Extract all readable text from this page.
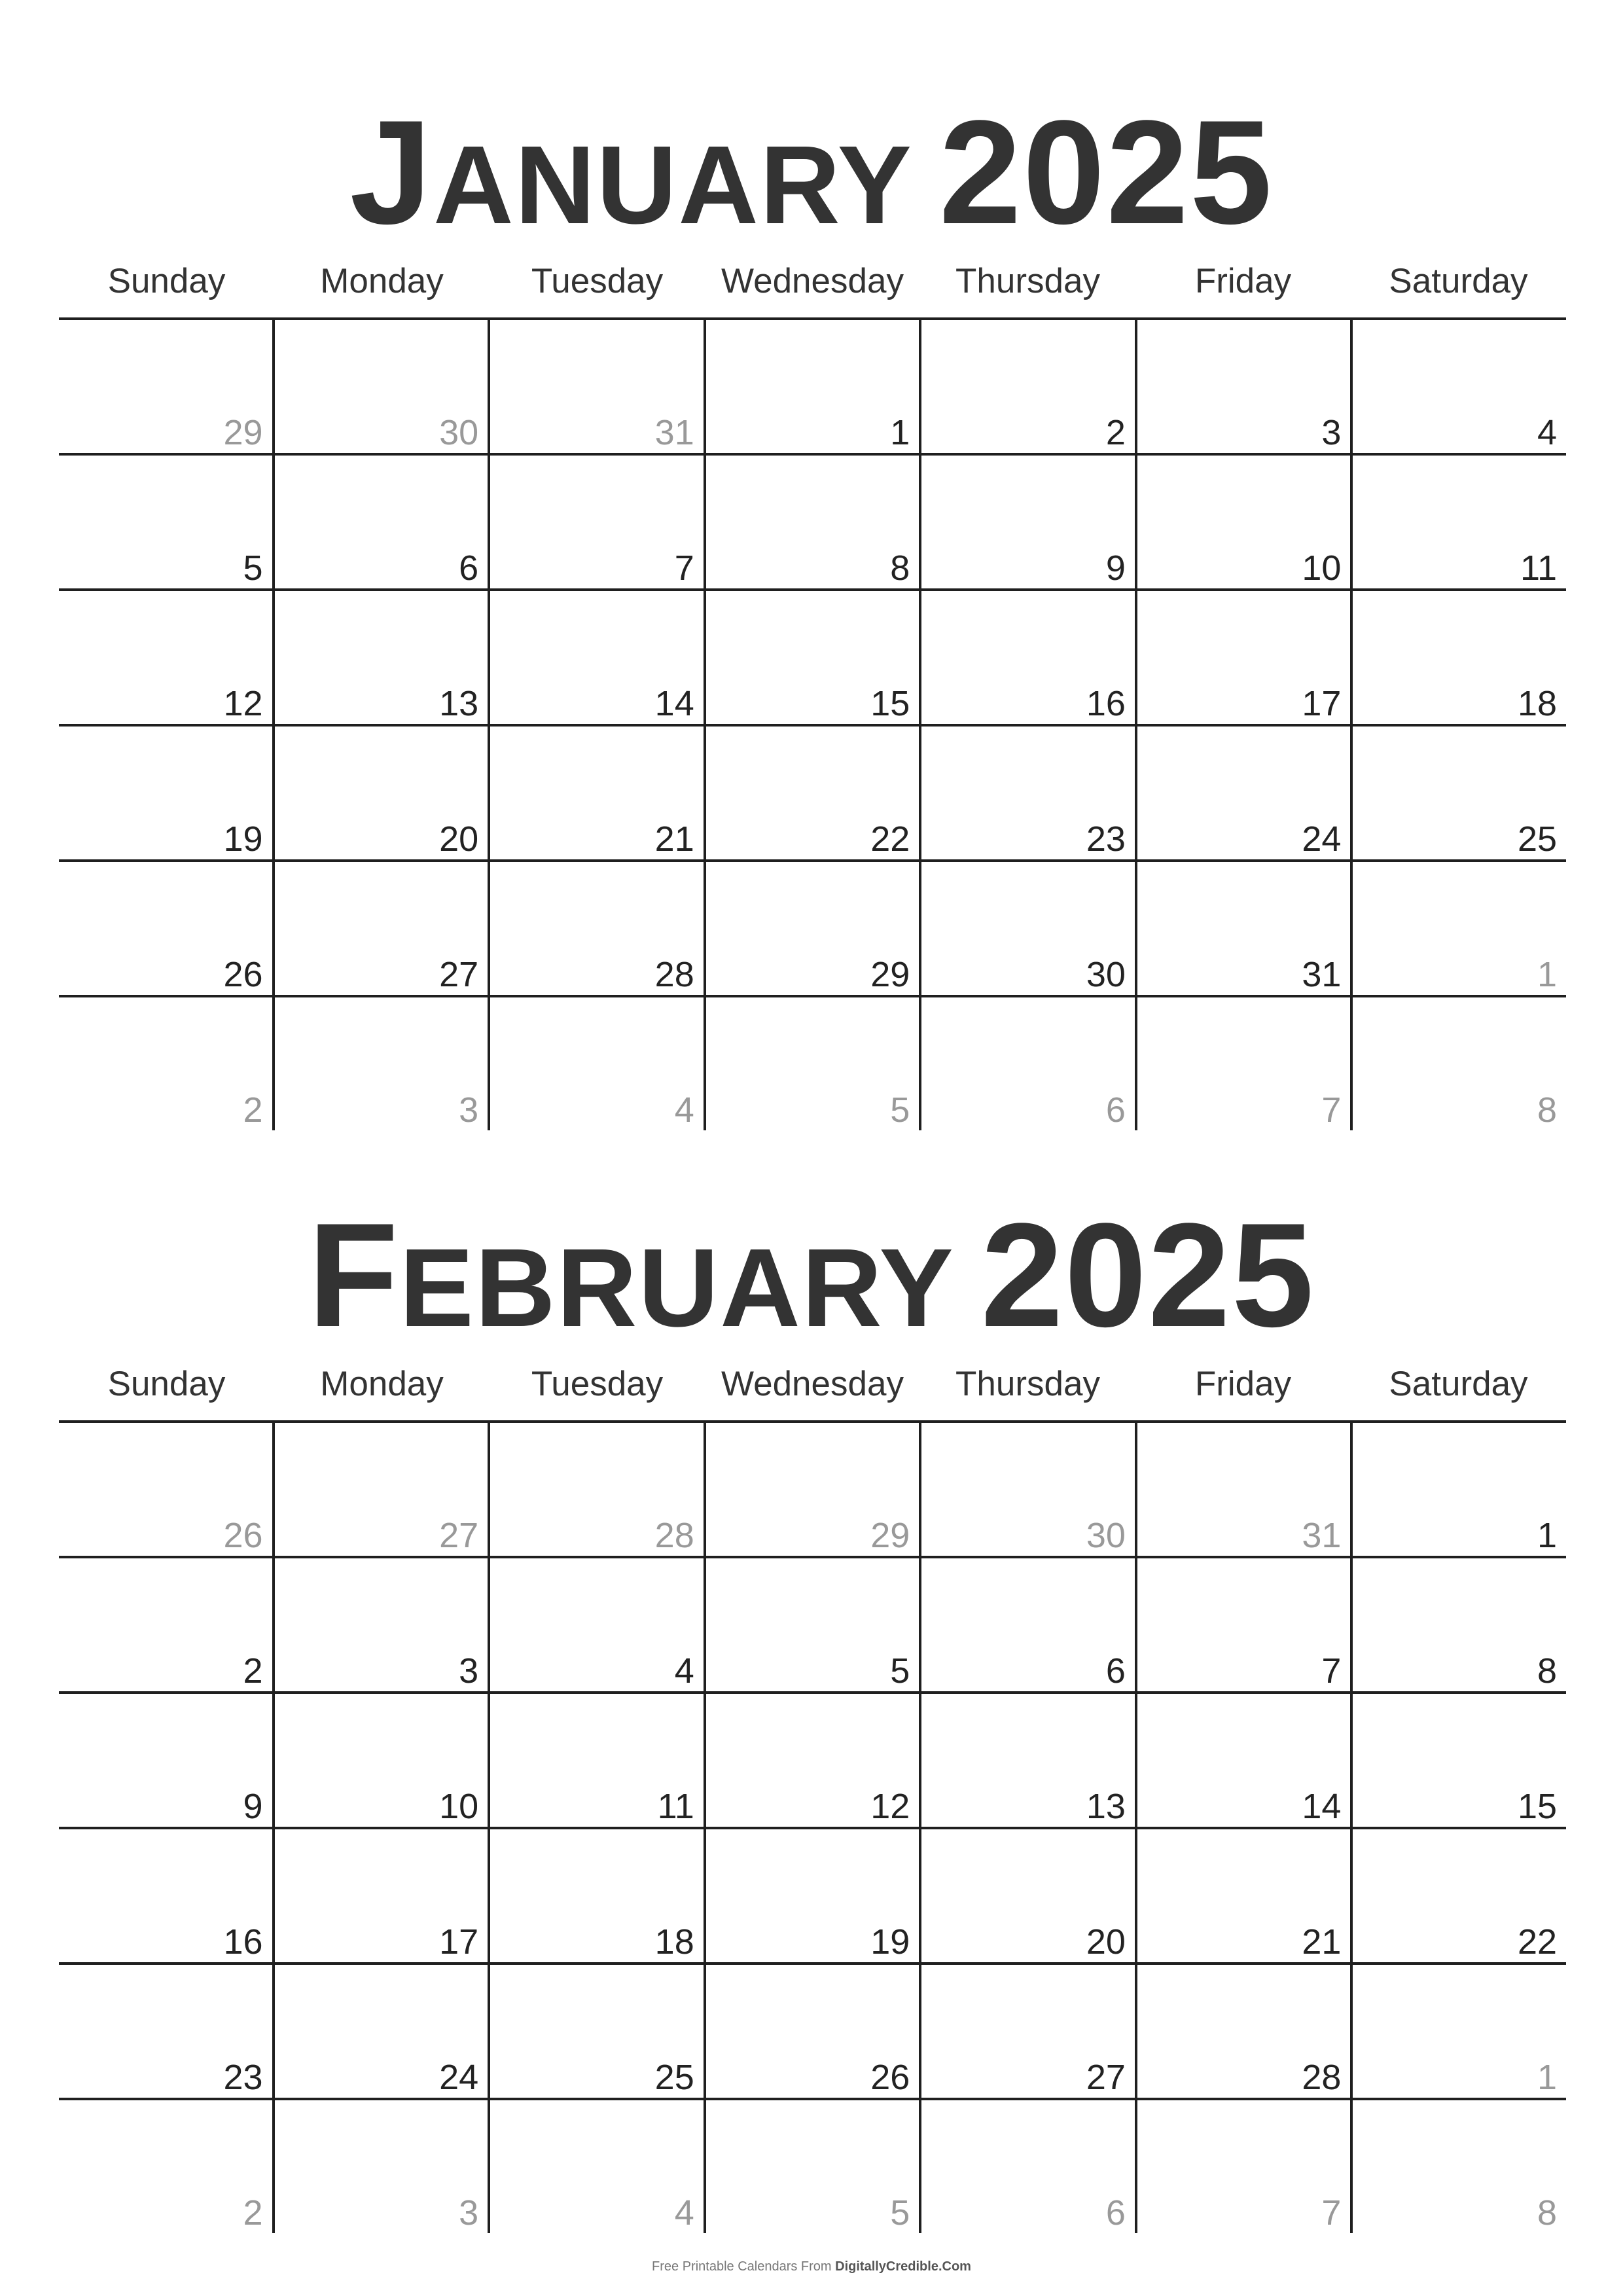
JANUARY 2025
Sunday	Monday	Tuesday	Wednesday	Thursday	Friday	Saturday
29	30	31	1	2	3	4
5	6	7	8	9	10	11
12	13	14	15	16	17	18
19	20	21	22	23	24	25
26	27	28	29	30	31	1
2	3	4	5	6	7	8
FEBRUARY 2025
Sunday	Monday	Tuesday	Wednesday	Thursday	Friday	Saturday
26	27	28	29	30	31	1
2	3	4	5	6	7	8
9	10	11	12	13	14	15
16	17	18	19	20	21	22
23	24	25	26	27	28	1
2	3	4	5	6	7	8
Free Printable Calendars From DigitallyCredible.Com
